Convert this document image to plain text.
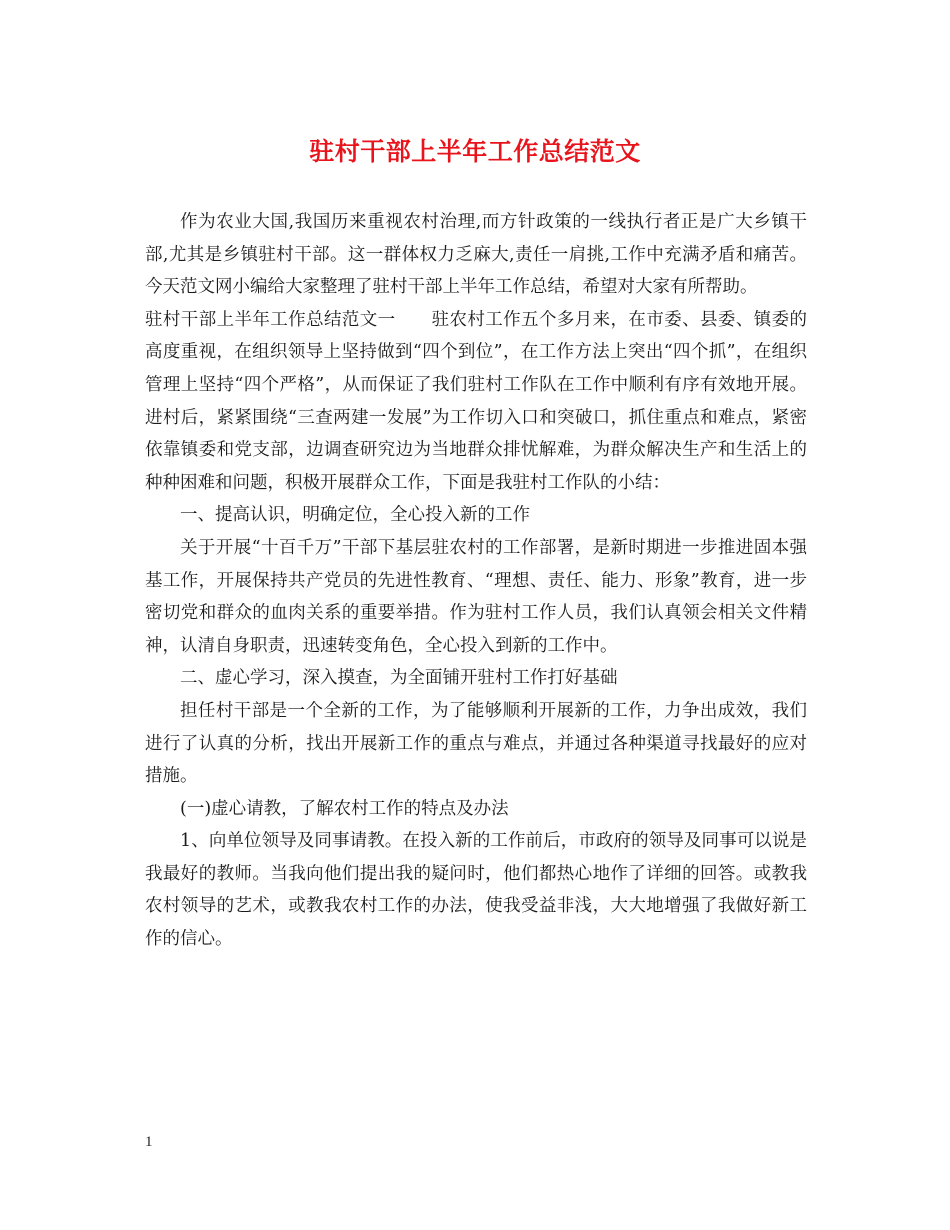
驻村干部上半年工作总结范文

作为农业大国,我国历来重视农村治理,而方针政策的一线执行者正是广大乡镇干部,尤其是乡镇驻村干部。这一群体权力乏麻大,责任一肩挑,工作中充满矛盾和痛苦。今天范文网小编给大家整理了驻村干部上半年工作总结，希望对大家有所帮助。

驻村干部上半年工作总结范文一 驻农村工作五个多月来，在市委、县委、镇委的高度重视，在组织领导上坚持做到“四个到位”，在工作方法上突出“四个抓”，在组织管理上坚持“四个严格”，从而保证了我们驻村工作队在工作中顺利有序有效地开展。进村后，紧紧围绕“三查两建一发展”为工作切入口和突破口，抓住重点和难点，紧密依靠镇委和党支部，边调查研究边为当地群众排忧解难，为群众解决生产和生活上的种种困难和问题，积极开展群众工作，下面是我驻村工作队的小结：

一、提高认识，明确定位，全心投入新的工作

关于开展“十百千万”干部下基层驻农村的工作部署，是新时期进一步推进固本强基工作，开展保持共产党员的先进性教育、“理想、责任、能力、形象”教育，进一步密切党和群众的血肉关系的重要举措。作为驻村工作人员，我们认真领会相关文件精神，认清自身职责，迅速转变角色，全心投入到新的工作中。

二、虚心学习，深入摸查，为全面铺开驻村工作打好基础

担任村干部是一个全新的工作，为了能够顺利开展新的工作，力争出成效，我们进行了认真的分析，找出开展新工作的重点与难点，并通过各种渠道寻找最好的应对措施。

(一)虚心请教，了解农村工作的特点及办法

1、向单位领导及同事请教。在投入新的工作前后，市政府的领导及同事可以说是我最好的教师。当我向他们提出我的疑问时，他们都热心地作了详细的回答。或教我农村领导的艺术，或教我农村工作的办法，使我受益非浅，大大地增强了我做好新工作的信心。

1
